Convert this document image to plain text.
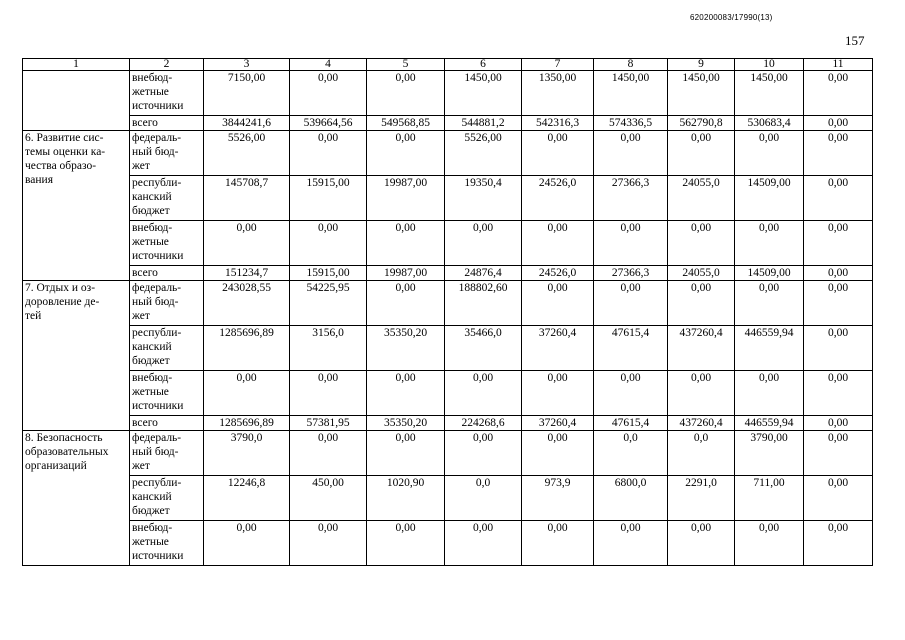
620200083/17990(13)
157
1	2	3	4	5	6	7	8	9	10	11
	внебюд-
жетные
источники	7150,00	0,00	0,00	1450,00	1350,00	1450,00	1450,00	1450,00	0,00
	всего	3844241,6	539664,56	549568,85	544881,2	542316,3	574336,5	562790,8	530683,4	0,00
6. Развитие сис-
темы оценки ка-
чества образо-
вания	федераль-
ный бюд-
жет	5526,00	0,00	0,00	5526,00	0,00	0,00	0,00	0,00	0,00
	республи-
канский
бюджет	145708,7	15915,00	19987,00	19350,4	24526,0	27366,3	24055,0	14509,00	0,00
	внебюд-
жетные
источники	0,00	0,00	0,00	0,00	0,00	0,00	0,00	0,00	0,00
	всего	151234,7	15915,00	19987,00	24876,4	24526,0	27366,3	24055,0	14509,00	0,00
7. Отдых и оз-
доровление де-
тей	федераль-
ный бюд-
жет	243028,55	54225,95	0,00	188802,60	0,00	0,00	0,00	0,00	0,00
	республи-
канский
бюджет	1285696,89	3156,0	35350,20	35466,0	37260,4	47615,4	437260,4	446559,94	0,00
	внебюд-
жетные
источники	0,00	0,00	0,00	0,00	0,00	0,00	0,00	0,00	0,00
	всего	1285696,89	57381,95	35350,20	224268,6	37260,4	47615,4	437260,4	446559,94	0,00
8. Безопасность
образовательных
организаций	федераль-
ный бюд-
жет	3790,0	0,00	0,00	0,00	0,00	0,0	0,0	3790,00	0,00
	республи-
канский
бюджет	12246,8	450,00	1020,90	0,0	973,9	6800,0	2291,0	711,00	0,00
	внебюд-
жетные
источники	0,00	0,00	0,00	0,00	0,00	0,00	0,00	0,00	0,00
